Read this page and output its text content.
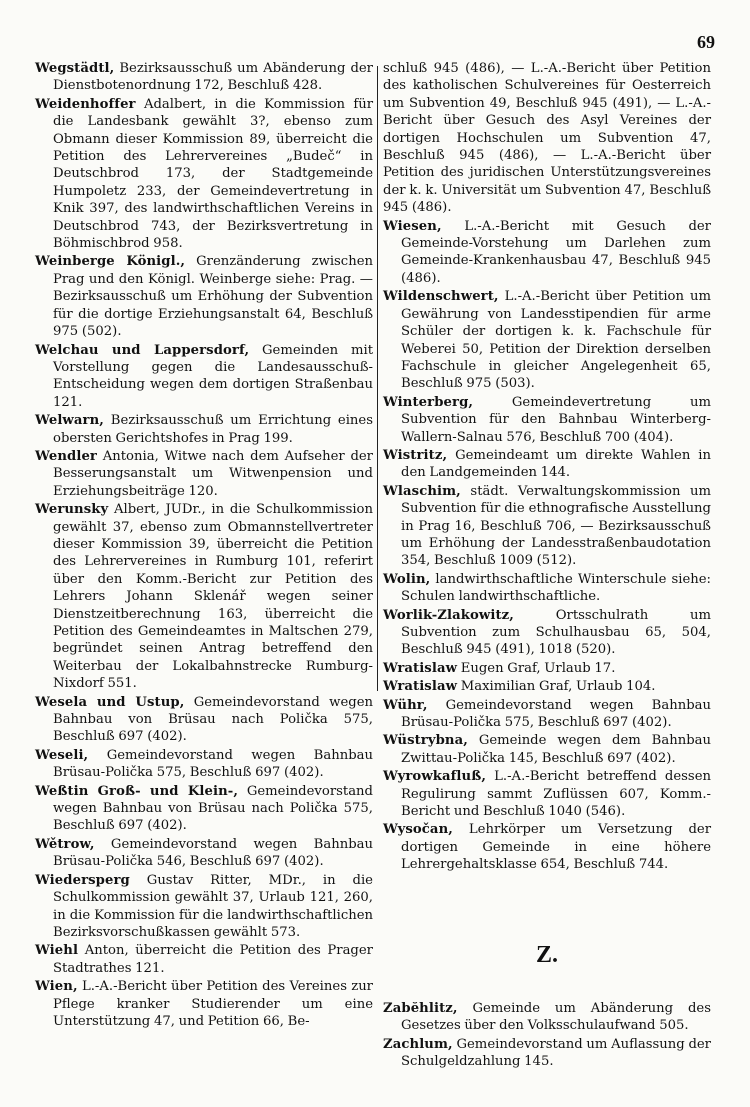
69

Wegstädtl, Bezirksausschuß um Abänderung der Dienstbotenordnung 172, Beschluß 428.

Weidenhoffer Adalbert, in die Kommission für die Landesbank gewählt 3?, ebenso zum Obmann dieser Kommission 89, überreicht die Petition des Lehrervereines „Budeč“ in Deutschbrod 173, der Stadtgemeinde Humpoletz 233, der Gemeindevertretung in Knik 397, des landwirthschaftlichen Vereins in Deutschbrod 743, der Bezirksvertretung in Böhmischbrod 958.

Weinberge Königl., Grenzänderung zwischen Prag und den Königl. Weinberge siehe: Prag. — Bezirksausschuß um Erhöhung der Subvention für die dortige Erziehungsanstalt 64, Beschluß 975 (502).

Welchau und Lappersdorf, Gemeinden mit Vorstellung gegen die Landesausschuß-Entscheidung wegen dem dortigen Straßenbau 121.

Welwarn, Bezirksausschuß um Errichtung eines obersten Gerichtshofes in Prag 199.

Wendler Antonia, Witwe nach dem Aufseher der Besserungsanstalt um Witwenpension und Erziehungsbeiträge 120.

Werunsky Albert, JUDr., in die Schulkommission gewählt 37, ebenso zum Obmannstellvertreter dieser Kommission 39, überreicht die Petition des Lehrervereines in Rumburg 101, referirt über den Komm.-Bericht zur Petition des Lehrers Johann Sklenář wegen seiner Dienstzeitberechnung 163, überreicht die Petition des Gemeindeamtes in Maltschen 279, begründet seinen Antrag betreffend den Weiterbau der Lokalbahnstrecke Rumburg-Nixdorf 551.

Wesela und Ustup, Gemeindevorstand wegen Bahnbau von Brüsau nach Polička 575, Beschluß 697 (402).

Weseli, Gemeindevorstand wegen Bahnbau Brüsau-Polička 575, Beschluß 697 (402).

Weßtin Groß- und Klein-, Gemeindevorstand wegen Bahnbau von Brüsau nach Polička 575, Beschluß 697 (402).

Wětrow, Gemeindevorstand wegen Bahnbau Brüsau-Polička 546, Beschluß 697 (402).

Wiedersperg Gustav Ritter, MDr., in die Schulkommission gewählt 37, Urlaub 121, 260, in die Kommission für die landwirthschaftlichen Bezirksvorschußkassen gewählt 573.

Wiehl Anton, überreicht die Petition des Prager Stadtrathes 121.

Wien, L.-A.-Bericht über Petition des Vereines zur Pflege kranker Studierender um eine Unterstützung 47, und Petition 66, Be-

schluß 945 (486), — L.-A.-Bericht über Petition des katholischen Schulvereines für Oesterreich um Subvention 49, Beschluß 945 (491), — L.-A.-Bericht über Gesuch des Asyl Vereines der dortigen Hochschulen um Subvention 47, Beschluß 945 (486), — L.-A.-Bericht über Petition des juridischen Unterstützungsvereines der k. k. Universität um Subvention 47, Beschluß 945 (486).

Wiesen, L.-A.-Bericht mit Gesuch der Gemeinde-Vorstehung um Darlehen zum Gemeinde-Krankenhausbau 47, Beschluß 945 (486).

Wildenschwert, L.-A.-Bericht über Petition um Gewährung von Landesstipendien für arme Schüler der dortigen k. k. Fachschule für Weberei 50, Petition der Direktion derselben Fachschule in gleicher Angelegenheit 65, Beschluß 975 (503).

Winterberg,	Gemeindevertretung um Subvention für den Bahnbau Winterberg-Wallern-Salnau 576, Beschluß 700 (404).

Wistritz, Gemeindeamt um direkte Wahlen in den Landgemeinden 144.

Wlaschim, städt. Verwaltungskommission um Subvention für die ethnografische Ausstellung in Prag 16, Beschluß 706, — Bezirksausschuß um Erhöhung der Landesstraßenbaudotation 354, Beschluß 1009 (512).

Wolin, landwirthschaftliche Winterschule siehe: Schulen landwirthschaftliche.

Worlik-Zlakowitz,	Ortsschulrath um Subvention zum Schulhausbau 65, 504, Beschluß 945 (491), 1018 (520).

Wratislaw Eugen Graf, Urlaub 17.

Wratislaw Maximilian Graf, Urlaub 104.

Wühr, Gemeindevorstand wegen Bahnbau Brüsau-Polička 575, Beschluß 697 (402).

Wüstrybna, Gemeinde wegen dem Bahnbau Zwittau-Polička 145, Beschluß 697 (402).

Wyrowkafluß, L.-A.-Bericht betreffend dessen Regulirung sammt Zuflüssen 607, Komm.-Bericht und Beschluß 1040 (546).

Wysočan, Lehrkörper um Versetzung der dortigen Gemeinde in eine höhere Lehrergehaltsklasse 654, Beschluß 744.

Z.

Zabĕhlitz, Gemeinde um Abänderung des Gesetzes über den Volksschulaufwand 505.

Zachlum, Gemeindevorstand um Auflassung der Schulgeldzahlung 145.
